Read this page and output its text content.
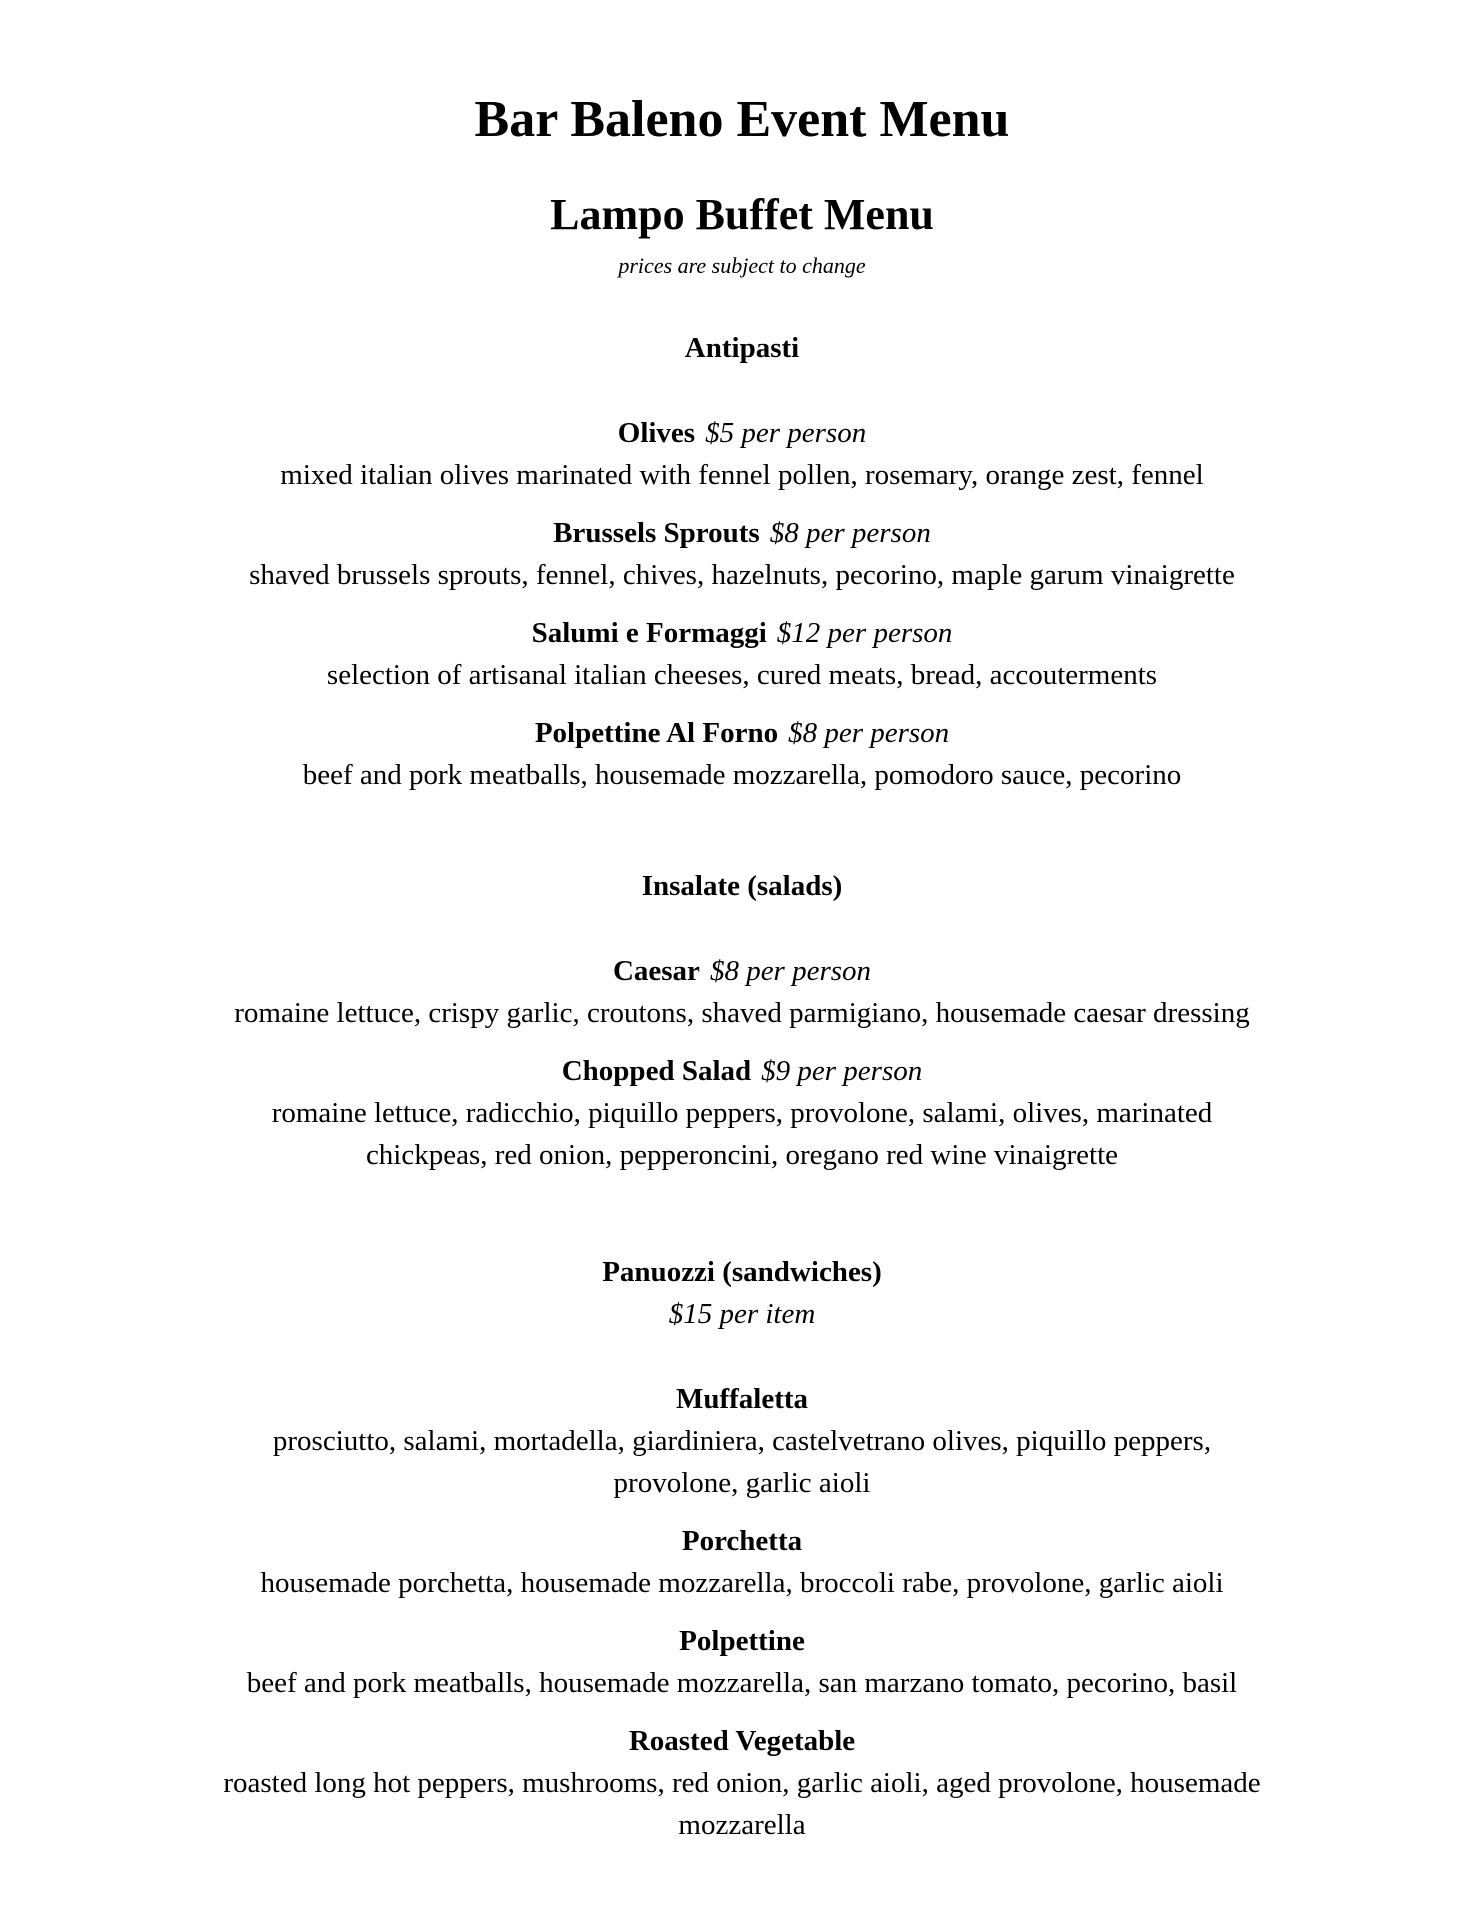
Bar Baleno Event Menu
Lampo Buffet Menu
prices are subject to change
Antipasti
Olives $5 per person
mixed italian olives marinated with fennel pollen, rosemary, orange zest, fennel
Brussels Sprouts $8 per person
shaved brussels sprouts, fennel, chives, hazelnuts, pecorino, maple garum vinaigrette
Salumi e Formaggi $12 per person
selection of artisanal italian cheeses, cured meats, bread, accouterments
Polpettine Al Forno $8 per person
beef and pork meatballs, housemade mozzarella, pomodoro sauce, pecorino
Insalate (salads)
Caesar $8 per person
romaine lettuce, crispy garlic, croutons, shaved parmigiano, housemade caesar dressing
Chopped Salad $9 per person
romaine lettuce, radicchio, piquillo peppers, provolone, salami, olives, marinated chickpeas, red onion, pepperoncini, oregano red wine vinaigrette
Panuozzi (sandwiches)
$15 per item
Muffaletta
prosciutto, salami, mortadella, giardiniera, castelvetrano olives, piquillo peppers, provolone, garlic aioli
Porchetta
housemade porchetta, housemade mozzarella, broccoli rabe, provolone, garlic aioli
Polpettine
beef and pork meatballs, housemade mozzarella, san marzano tomato, pecorino, basil
Roasted Vegetable
roasted long hot peppers, mushrooms, red onion, garlic aioli, aged provolone, housemade mozzarella
